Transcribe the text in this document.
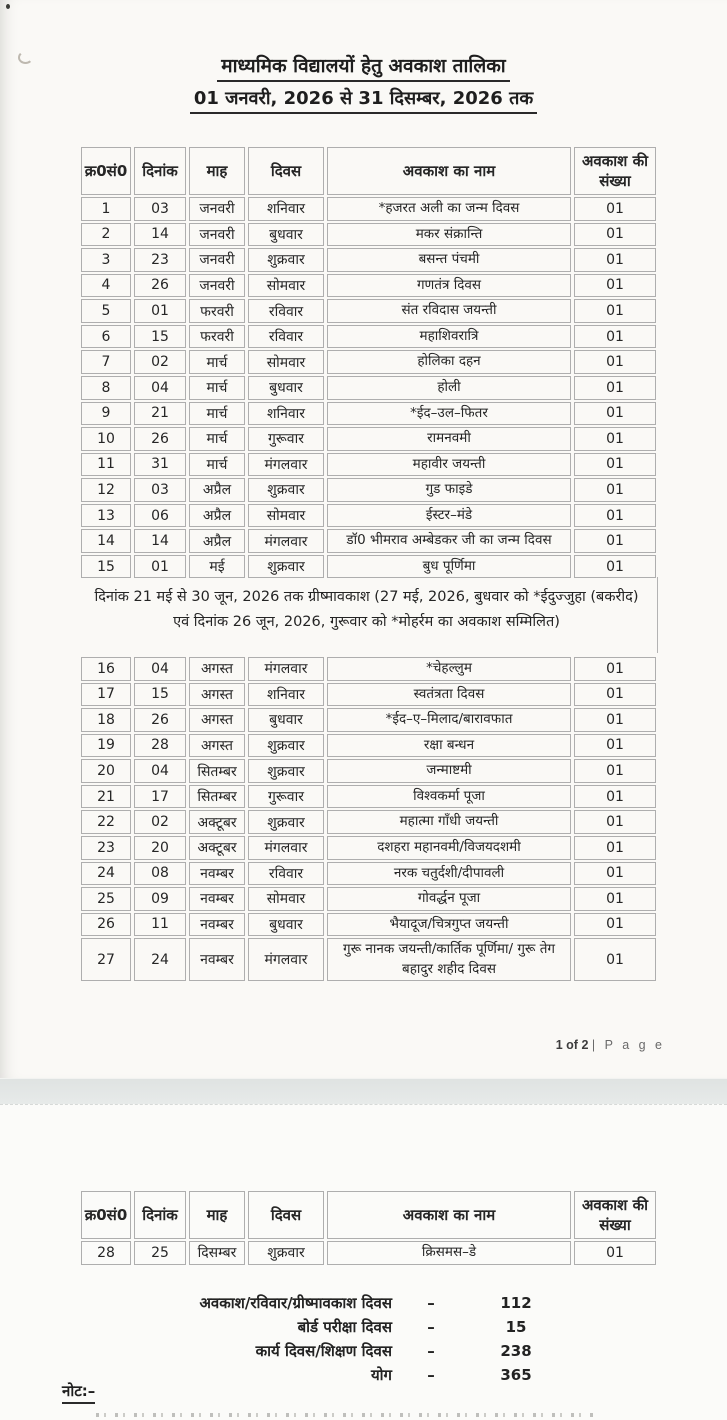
माध्यमिक विद्यालयों हेतु अवकाश तालिका
01 जनवरी, 2026 से 31 दिसम्बर, 2026 तक
क्र0सं0	दिनांक	माह	दिवस	अवकाश का नाम	अवकाश की संख्या
1	03	जनवरी	शनिवार	*हजरत अली का जन्म दिवस	01
2	14	जनवरी	बुधवार	मकर संक्रान्ति	01
3	23	जनवरी	शुक्रवार	बसन्त पंचमी	01
4	26	जनवरी	सोमवार	गणतंत्र दिवस	01
5	01	फरवरी	रविवार	संत रविदास जयन्ती	01
6	15	फरवरी	रविवार	महाशिवरात्रि	01
7	02	मार्च	सोमवार	होलिका दहन	01
8	04	मार्च	बुधवार	होली	01
9	21	मार्च	शनिवार	*ईद–उल–फितर	01
10	26	मार्च	गुरूवार	रामनवमी	01
11	31	मार्च	मंगलवार	महावीर जयन्ती	01
12	03	अप्रैल	शुक्रवार	गुड फाइडे	01
13	06	अप्रैल	सोमवार	ईस्टर–मंडे	01
14	14	अप्रैल	मंगलवार	डॉ0 भीमराव अम्बेडकर जी का जन्म दिवस	01
15	01	मई	शुक्रवार	बुध पूर्णिमा	01
दिनांक 21 मई से 30 जून, 2026 तक ग्रीष्मावकाश (27 मई, 2026, बुधवार को *ईदुज्जुहा (बकरीद) एवं दिनांक 26 जून, 2026, गुरूवार को *मोहर्रम का अवकाश सम्मिलित)
16	04	अगस्त	मंगलवार	*चेहल्लुम	01
17	15	अगस्त	शनिवार	स्वतंत्रता दिवस	01
18	26	अगस्त	बुधवार	*ईद–ए–मिलाद/बारावफात	01
19	28	अगस्त	शुक्रवार	रक्षा बन्धन	01
20	04	सितम्बर	शुक्रवार	जन्माष्टमी	01
21	17	सितम्बर	गुरूवार	विश्वकर्मा पूजा	01
22	02	अक्टूबर	शुक्रवार	महात्मा गाँधी जयन्ती	01
23	20	अक्टूबर	मंगलवार	दशहरा महानवमी/विजयदशमी	01
24	08	नवम्बर	रविवार	नरक चतुर्दशी/दीपावली	01
25	09	नवम्बर	सोमवार	गोवर्द्धन पूजा	01
26	11	नवम्बर	बुधवार	भैयादूज/चित्रगुप्त जयन्ती	01
27	24	नवम्बर	मंगलवार	गुरू नानक जयन्ती/कार्तिक पूर्णिमा/ गुरू तेग बहादुर शहीद दिवस	01
1 of 2 | P a g e
क्र0सं0	दिनांक	माह	दिवस	अवकाश का नाम	अवकाश की संख्या
28	25	दिसम्बर	शुक्रवार	क्रिसमस–डे	01
अवकाश/रविवार/ग्रीष्मावकाश दिवस	–	112
बोर्ड परीक्षा दिवस	–	15
कार्य दिवस/शिक्षण दिवस	–	238
योग	–	365
नोट:–
